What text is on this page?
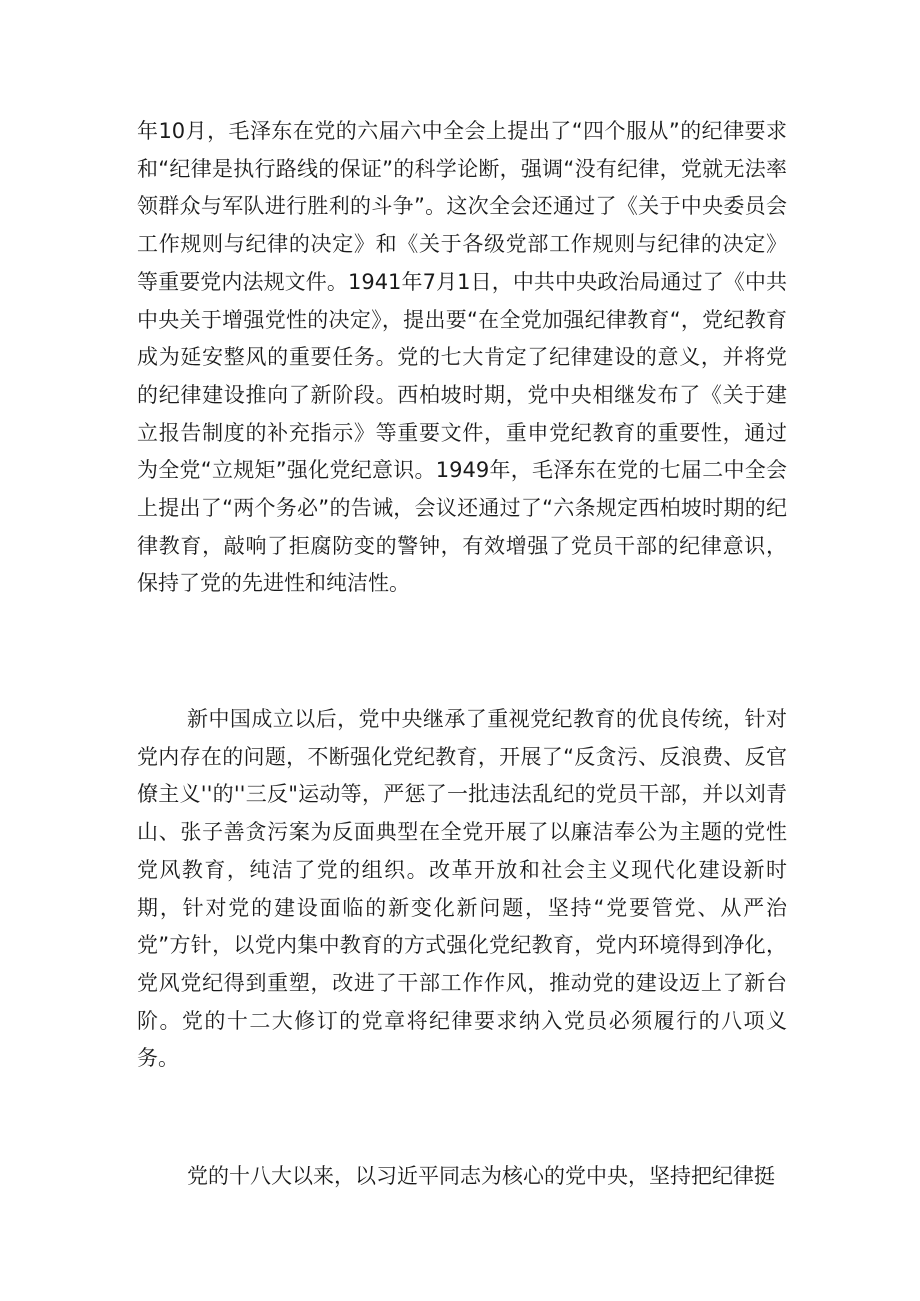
年10月，毛泽东在党的六届六中全会上提出了“四个服从”的纪律要求和“纪律是执行路线的保证”的科学论断，强调“没有纪律，党就无法率领群众与军队进行胜利的斗争”。这次全会还通过了《关于中央委员会工作规则与纪律的决定》和《关于各级党部工作规则与纪律的决定》等重要党内法规文件。1941年7月1日，中共中央政治局通过了《中共中央关于增强党性的决定》，提出要“在全党加强纪律教育“，党纪教育成为延安整风的重要任务。党的七大肯定了纪律建设的意义，并将党的纪律建设推向了新阶段。西柏坡时期，党中央相继发布了《关于建立报告制度的补充指示》等重要文件，重申党纪教育的重要性，通过为全党“立规矩”强化党纪意识。1949年，毛泽东在党的七届二中全会上提出了“两个务必”的告诫，会议还通过了“六条规定西柏坡时期的纪律教育，敲响了拒腐防变的警钟，有效增强了党员干部的纪律意识，保持了党的先进性和纯洁性。

新中国成立以后，党中央继承了重视党纪教育的优良传统，针对党内存在的问题，不断强化党纪教育，开展了“反贪污、反浪费、反官僚主义''的''三反"运动等，严惩了一批违法乱纪的党员干部，并以刘青山、张子善贪污案为反面典型在全党开展了以廉洁奉公为主题的党性党风教育，纯洁了党的组织。改革开放和社会主义现代化建设新时期，针对党的建设面临的新变化新问题，坚持“党要管党、从严治党”方针，以党内集中教育的方式强化党纪教育，党内环境得到净化，党风党纪得到重塑，改进了干部工作作风，推动党的建设迈上了新台阶。党的十二大修订的党章将纪律要求纳入党员必须履行的八项义务。

党的十八大以来，以习近平同志为核心的党中央，坚持把纪律挺
